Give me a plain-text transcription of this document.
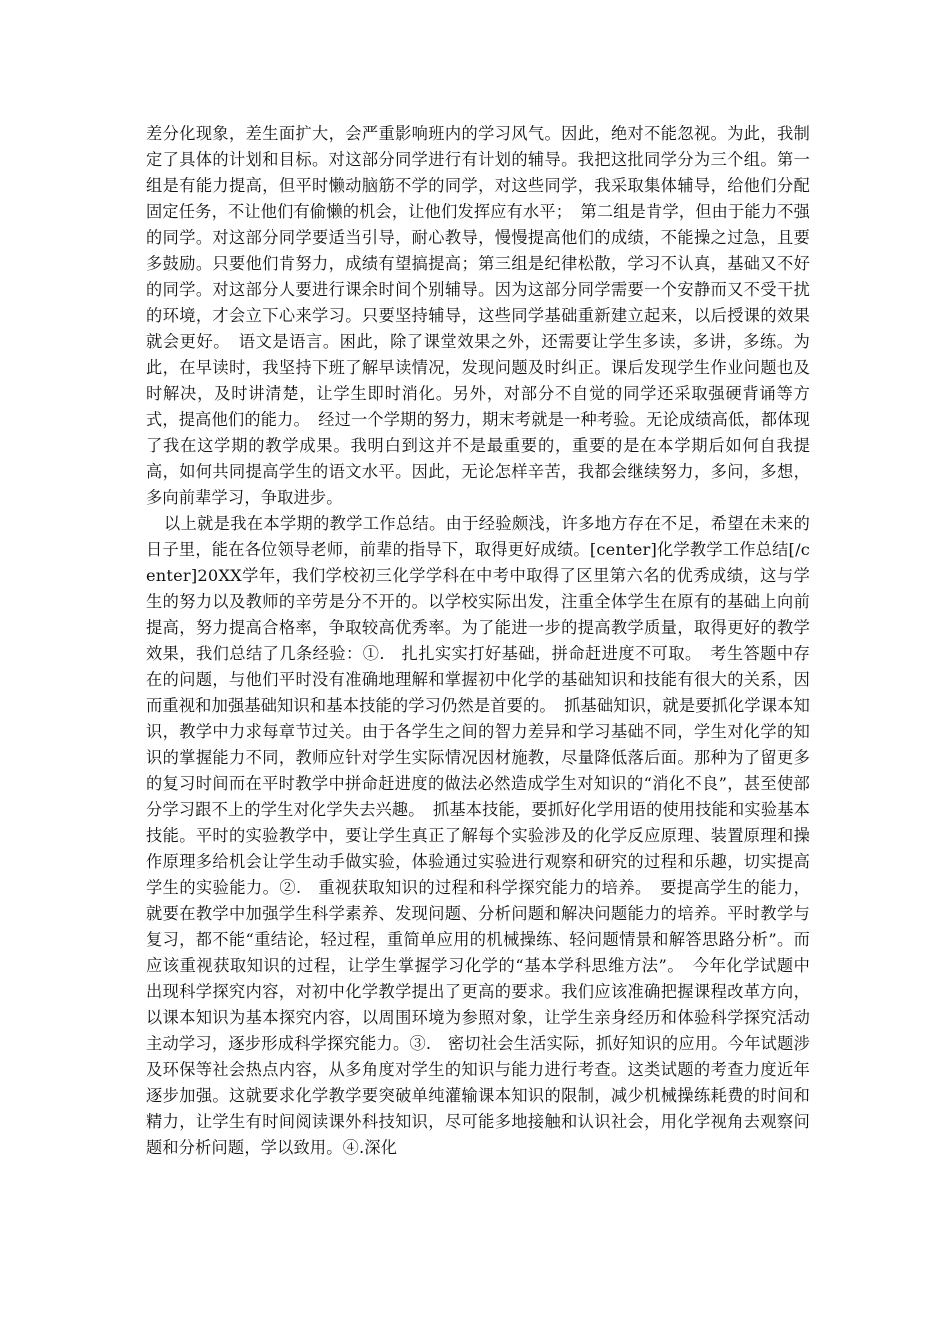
差分化现象，差生面扩大，会严重影响班内的学习风气。因此，绝对不能忽视。为此，我制定了具体的计划和目标。对这部分同学进行有计划的辅导。我把这批同学分为三个组。第一组是有能力提高，但平时懒动脑筋不学的同学，对这些同学，我采取集体辅导，给他们分配固定任务，不让他们有偷懒的机会，让他们发挥应有水平；　第二组是肯学，但由于能力不强的同学。对这部分同学要适当引导，耐心教导，慢慢提高他们的成绩，不能操之过急，且要多鼓励。只要他们肯努力，成绩有望搞提高；第三组是纪律松散，学习不认真，基础又不好的同学。对这部分人要进行课余时间个别辅导。因为这部分同学需要一个安静而又不受干扰的环境，才会立下心来学习。只要坚持辅导，这些同学基础重新建立起来，以后授课的效果就会更好。　语文是语言。困此，除了课堂效果之外，还需要让学生多读，多讲，多练。为此，在早读时，我坚持下班了解早读情况，发现问题及时纠正。课后发现学生作业问题也及时解决，及时讲清楚，让学生即时消化。另外，对部分不自觉的同学还采取强硬背诵等方式，提高他们的能力。　经过一个学期的努力，期末考就是一种考验。无论成绩高低，都体现了我在这学期的教学成果。我明白到这并不是最重要的，重要的是在本学期后如何自我提高，如何共同提高学生的语文水平。因此，无论怎样辛苦，我都会继续努力，多问，多想，多向前辈学习，争取进步。

以上就是我在本学期的教学工作总结。由于经验颇浅，许多地方存在不足，希望在未来的日子里，能在各位领导老师，前辈的指导下，取得更好成绩。[center]化学教学工作总结[/center]20XX学年，我们学校初三化学学科在中考中取得了区里第六名的优秀成绩，这与学生的努力以及教师的辛劳是分不开的。以学校实际出发，注重全体学生在原有的基础上向前提高，努力提高合格率，争取较高优秀率。为了能进一步的提高教学质量，取得更好的教学效果，我们总结了几条经验：①.　扎扎实实打好基础，拼命赶进度不可取。　考生答题中存在的问题，与他们平时没有准确地理解和掌握初中化学的基础知识和技能有很大的关系，因而重视和加强基础知识和基本技能的学习仍然是首要的。　抓基础知识，就是要抓化学课本知识，教学中力求每章节过关。由于各学生之间的智力差异和学习基础不同，学生对化学的知识的掌握能力不同，教师应针对学生实际情况因材施教，尽量降低落后面。那种为了留更多的复习时间而在平时教学中拼命赶进度的做法必然造成学生对知识的“消化不良”，甚至使部分学习跟不上的学生对化学失去兴趣。　抓基本技能，要抓好化学用语的使用技能和实验基本技能。平时的实验教学中，要让学生真正了解每个实验涉及的化学反应原理、装置原理和操作原理多给机会让学生动手做实验，体验通过实验进行观察和研究的过程和乐趣，切实提高学生的实验能力。②.　重视获取知识的过程和科学探究能力的培养。　要提高学生的能力，就要在教学中加强学生科学素养、发现问题、分析问题和解决问题能力的培养。平时教学与复习，都不能“重结论，轻过程，重简单应用的机械操练、轻问题情景和解答思路分析”。而应该重视获取知识的过程，让学生掌握学习化学的“基本学科思维方法”。　今年化学试题中出现科学探究内容，对初中化学教学提出了更高的要求。我们应该准确把握课程改革方向，以课本知识为基本探究内容，以周围环境为参照对象，让学生亲身经历和体验科学探究活动主动学习，逐步形成科学探究能力。③.　密切社会生活实际，抓好知识的应用。今年试题涉及环保等社会热点内容，从多角度对学生的知识与能力进行考查。这类试题的考查力度近年逐步加强。这就要求化学教学要突破单纯灌输课本知识的限制，减少机械操练耗费的时间和精力，让学生有时间阅读课外科技知识，尽可能多地接触和认识社会，用化学视角去观察问题和分析问题，学以致用。④.深化
